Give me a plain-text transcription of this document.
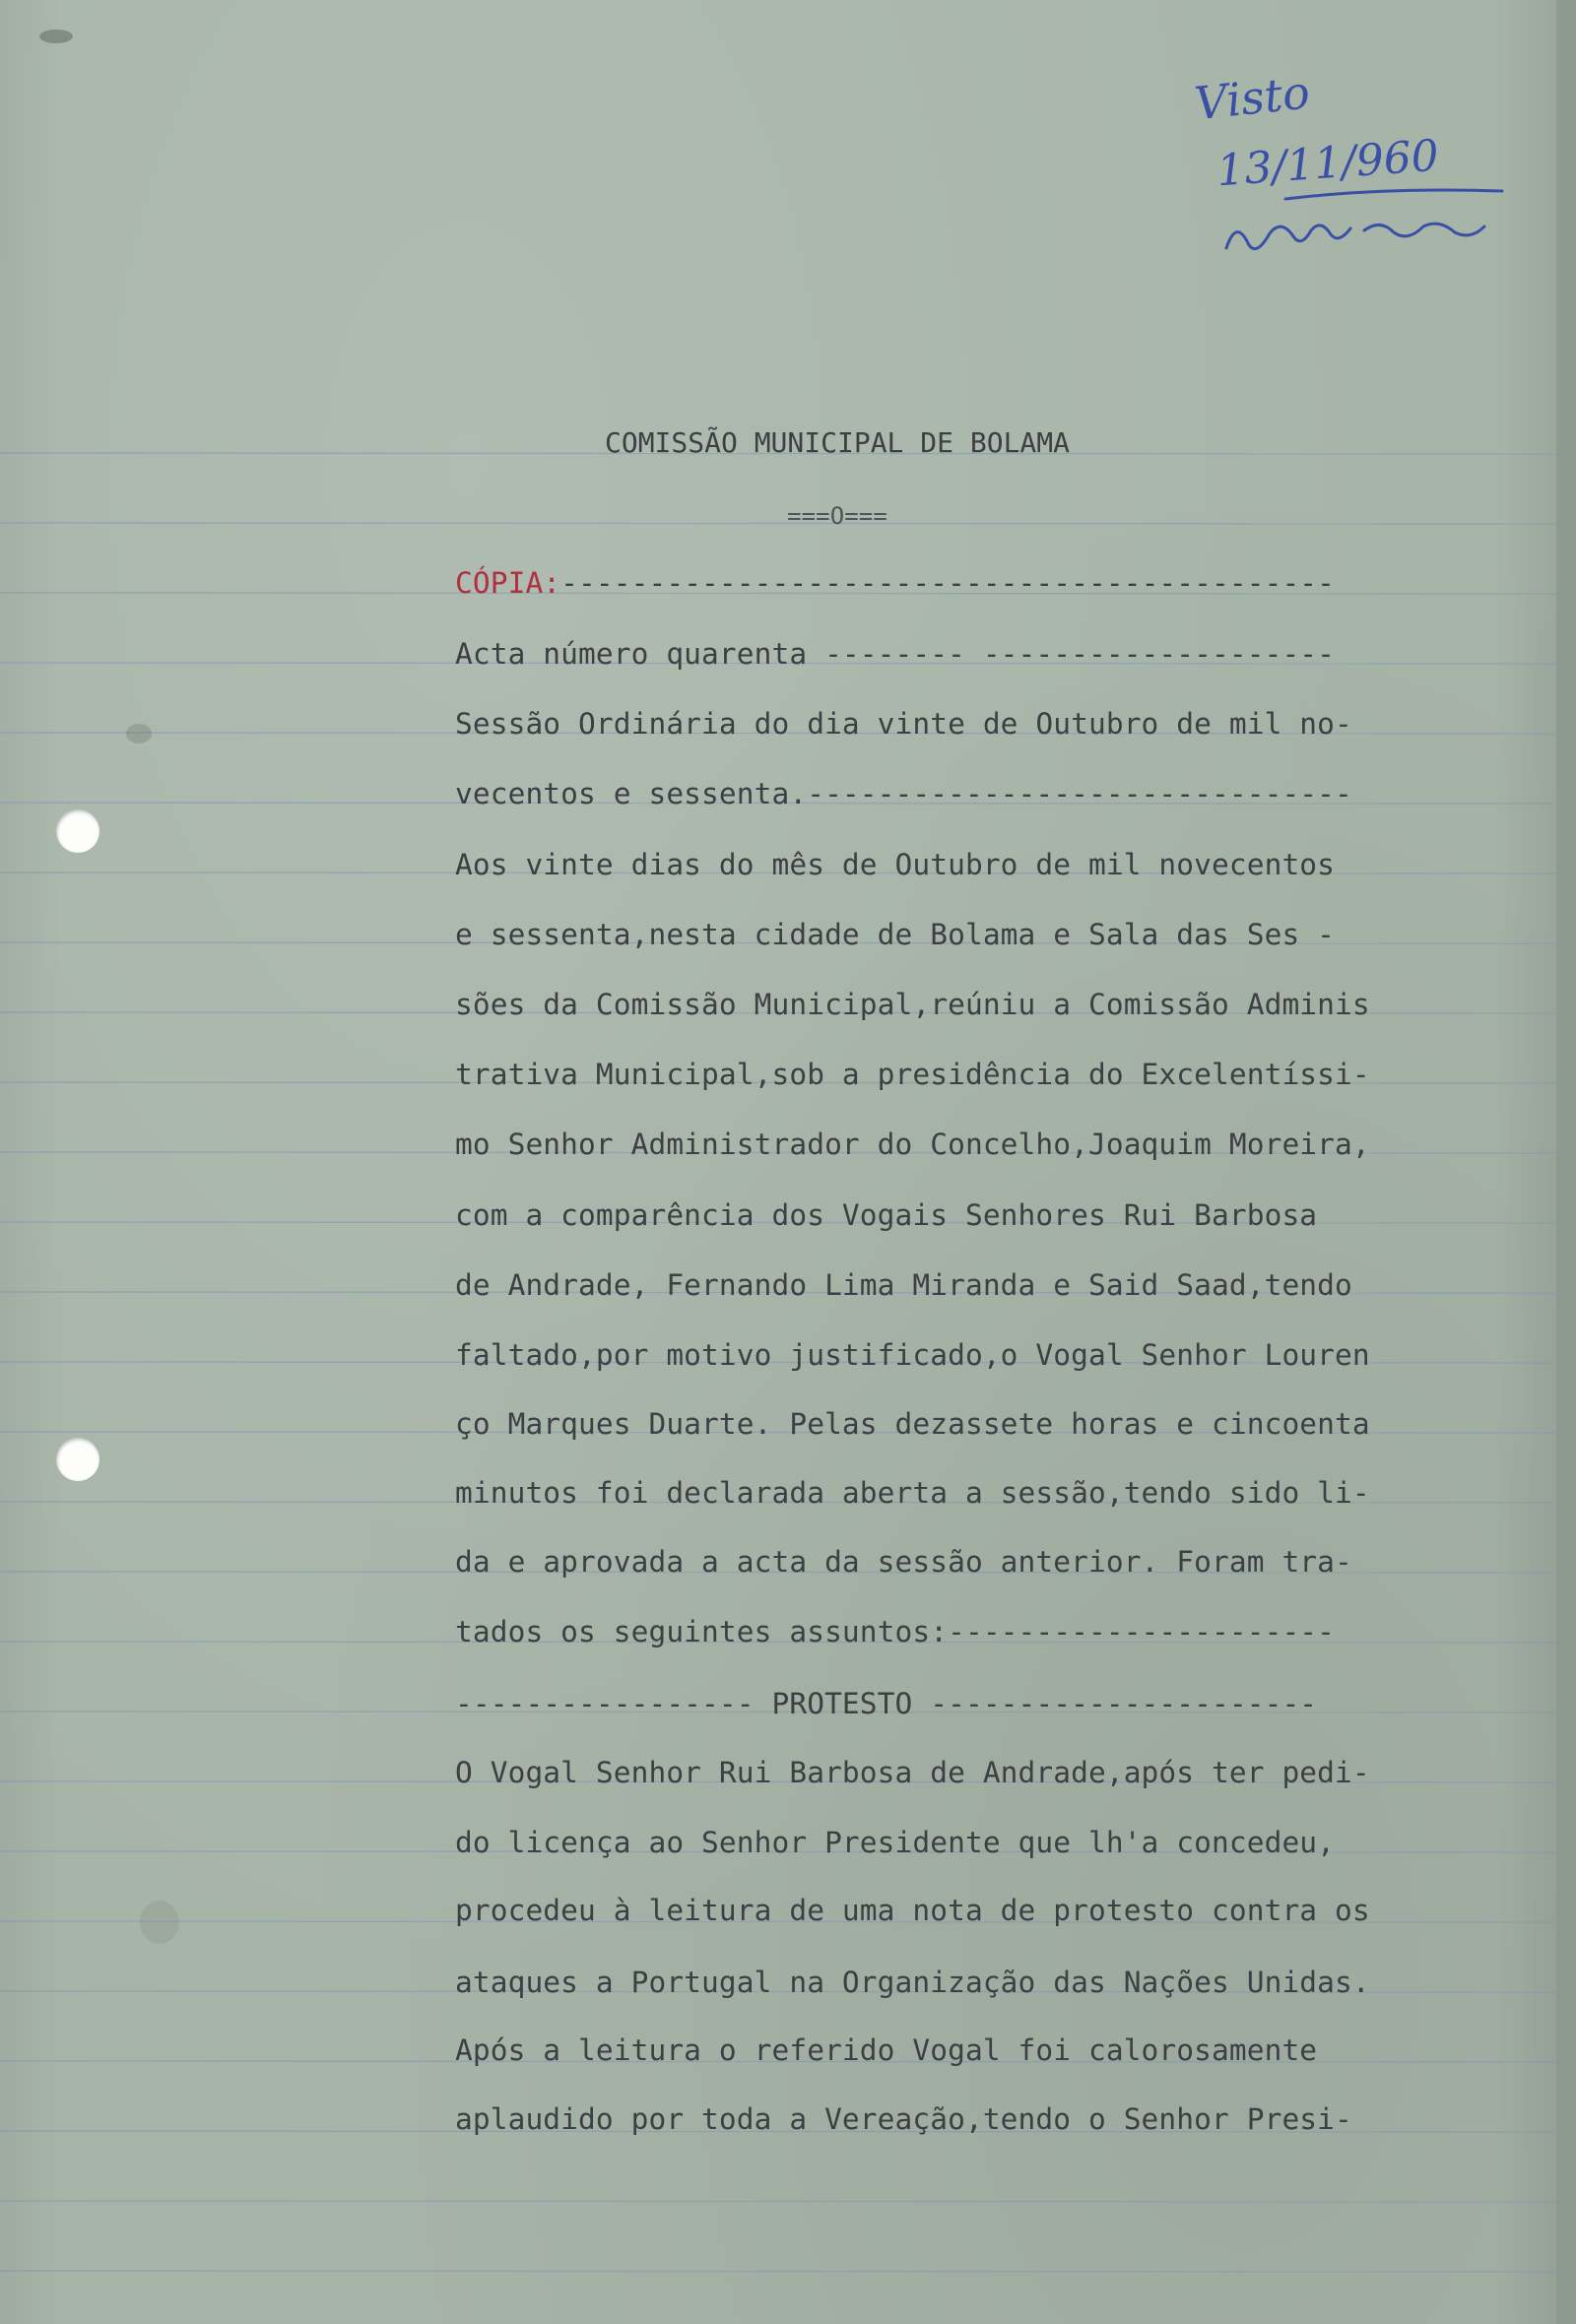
Visto
13/11/960

COMISSÃO MUNICIPAL DE BOLAMA

===O===

CÓPIA:--------------------------------------------

Acta número quarenta -------- --------------------

Sessão Ordinária do dia vinte de Outubro de mil no-

vecentos e sessenta.-------------------------------

Aos vinte dias do mês de Outubro de mil novecentos

e sessenta,nesta cidade de Bolama e Sala das Ses -

sões da Comissão Municipal,reúniu a Comissão Adminis

trativa Municipal,sob a presidência do Excelentíssi-

mo Senhor Administrador do Concelho,Joaquim Moreira,

com a comparência dos Vogais Senhores Rui Barbosa

de Andrade, Fernando Lima Miranda e Said Saad,tendo

faltado,por motivo justificado,o Vogal Senhor Louren

ço Marques Duarte. Pelas dezassete horas e cincoenta

minutos foi declarada aberta a sessão,tendo sido li-

da e aprovada a acta da sessão anterior. Foram tra-

tados os seguintes assuntos:----------------------

----------------- PROTESTO ----------------------

O Vogal Senhor Rui Barbosa de Andrade,após ter pedi-

do licença ao Senhor Presidente que lh'a concedeu,

procedeu à leitura de uma nota de protesto contra os

ataques a Portugal na Organização das Nações Unidas.

Após a leitura o referido Vogal foi calorosamente

aplaudido por toda a Vereação,tendo o Senhor Presi-
